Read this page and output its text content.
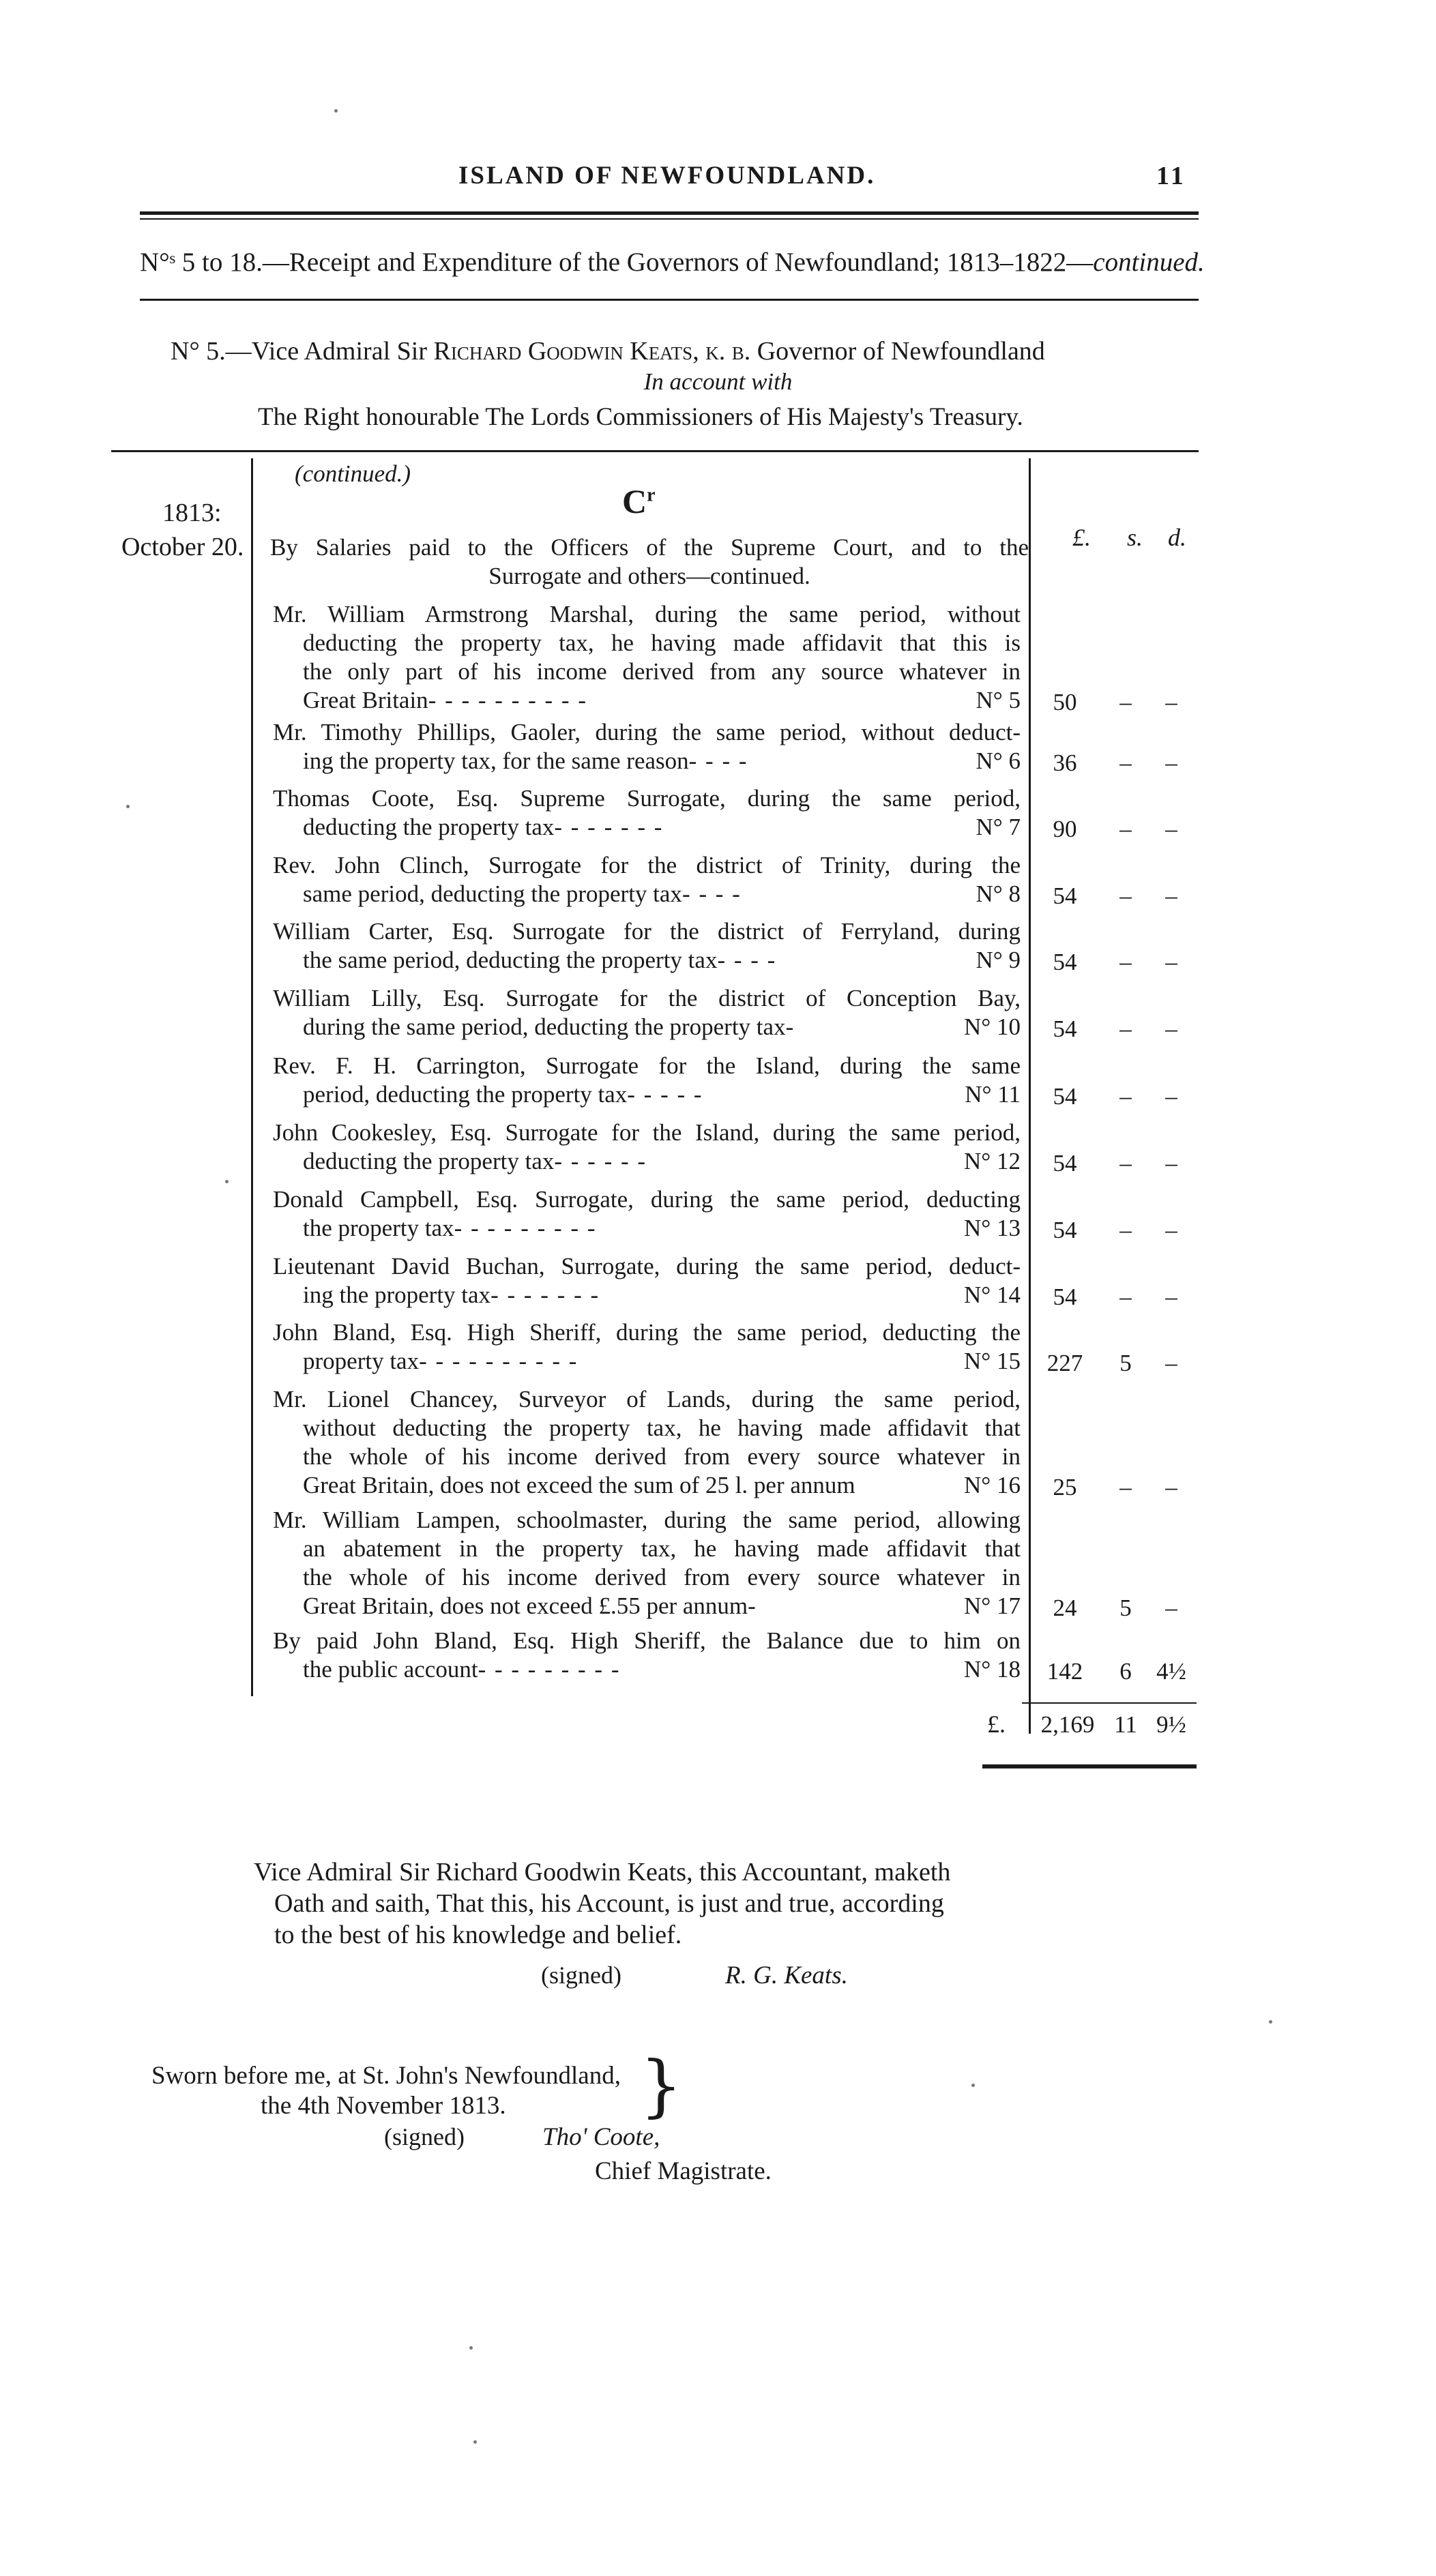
ISLAND OF NEWFOUNDLAND.	11
N°ˢ 5 to 18.—Receipt and Expenditure of the Governors of Newfoundland; 1813–1822—continued.
N° 5.—Vice Admiral Sir Richard Goodwin Keats, k. b. Governor of Newfoundland
In account with
The Right honourable The Lords Commissioners of His Majesty's Treasury.
1813:
October 20.
(continued.)
$C^r$
£. s. d.
By Salaries paid to the Officers of the Supreme Court, and to the
Surrogate and others—continued.
Mr. William Armstrong Marshal, during the same period, without
deducting the property tax, he having made affidavit that this is
the only part of his income derived from any source whatever in
Great Britain - - - - - - - - - -	N° 5	50	–	–
Mr. Timothy Phillips, Gaoler, during the same period, without deduct-
ing the property tax, for the same reason - - - -	N° 6	36	–	–
Thomas Coote, Esq. Supreme Surrogate, during the same period,
deducting the property tax - - - - - - -	N° 7	90	–	–
Rev. John Clinch, Surrogate for the district of Trinity, during the
same period, deducting the property tax - - - -	N° 8	54	–	–
William Carter, Esq. Surrogate for the district of Ferryland, during
the same period, deducting the property tax - - - -	N° 9	54	–	–
William Lilly, Esq. Surrogate for the district of Conception Bay,
during the same period, deducting the property tax -	N° 10	54	–	–
Rev. F. H. Carrington, Surrogate for the Island, during the same
period, deducting the property tax - - - - -	N° 11	54	–	–
John Cookesley, Esq. Surrogate for the Island, during the same period,
deducting the property tax - - - - - -	N° 12	54	–	–
Donald Campbell, Esq. Surrogate, during the same period, deducting
the property tax - - - - - - - - -	N° 13	54	–	–
Lieutenant David Buchan, Surrogate, during the same period, deduct-
ing the property tax - - - - - - -	N° 14	54	–	–
John Bland, Esq. High Sheriff, during the same period, deducting the
property tax - - - - - - - - - -	N° 15	227	5	–
Mr. Lionel Chancey, Surveyor of Lands, during the same period,
without deducting the property tax, he having made affidavit that
the whole of his income derived from every source whatever in
Great Britain, does not exceed the sum of 25 l. per annum	N° 16	25	–	–
Mr. William Lampen, schoolmaster, during the same period, allowing
an abatement in the property tax, he having made affidavit that
the whole of his income derived from every source whatever in
Great Britain, does not exceed £.55 per annum -	N° 17	24	5	–
By paid John Bland, Esq. High Sheriff, the Balance due to him on
the public account - - - - - - - - -	N° 18	142	6	4½
£.	2,169 11 9½
Vice Admiral Sir Richard Goodwin Keats, this Accountant, maketh
Oath and saith, That this, his Account, is just and true, according
to the best of his knowledge and belief.
(signed)	R. G. Keats.
Sworn before me, at St. John's Newfoundland,
the 4th November 1813.	}
(signed)	Tho' Coote,
Chief Magistrate.
